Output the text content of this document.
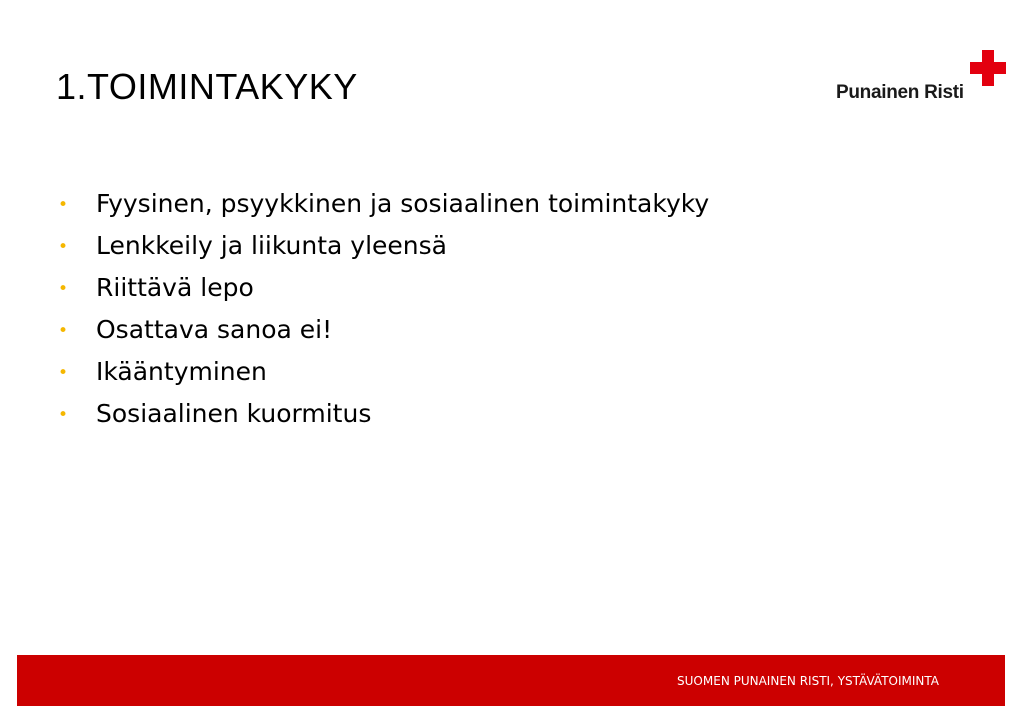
1.TOIMINTAKYKY	Punainen Risti
• Fyysinen, psyykkinen ja sosiaalinen toimintakyky
• Lenkkeily ja liikunta yleensä
• Riittävä lepo
• Osattava sanoa ei!
• Ikääntyminen
• Sosiaalinen kuormitus
SUOMEN PUNAINEN RISTI, YSTÄVÄTOIMINTA
